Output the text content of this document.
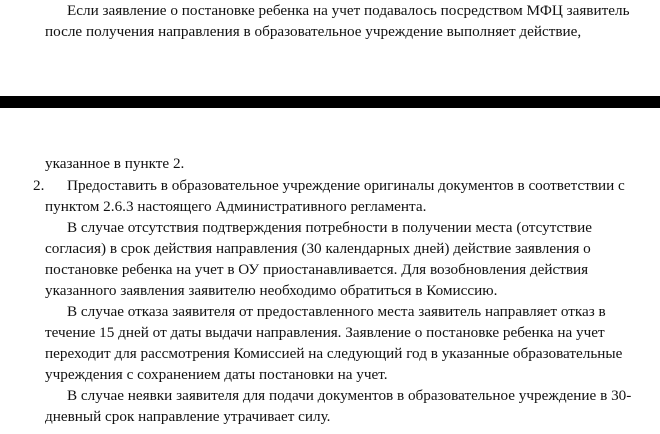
Если заявление о постановке ребенка на учет подавалось посредством МФЦ заявитель
после получения направления в образовательное учреждение выполняет действие,
указанное в пункте 2.
2. Предоставить в образовательное учреждение оригиналы документов в соответствии с
пунктом 2.6.3 настоящего Административного регламента.
В случае отсутствия подтверждения потребности в получении места (отсутствие
согласия) в срок действия направления (30 календарных дней) действие заявления о
постановке ребенка на учет в ОУ приостанавливается. Для возобновления действия
указанного заявления заявителю необходимо обратиться в Комиссию.
В случае отказа заявителя от предоставленного места заявитель направляет отказ в
течение 15 дней от даты выдачи направления. Заявление о постановке ребенка на учет
переходит для рассмотрения Комиссией на следующий год в указанные образовательные
учреждения с сохранением даты постановки на учет.
В случае неявки заявителя для подачи документов в образовательное учреждение в 30-
дневный срок направление утрачивает силу.
